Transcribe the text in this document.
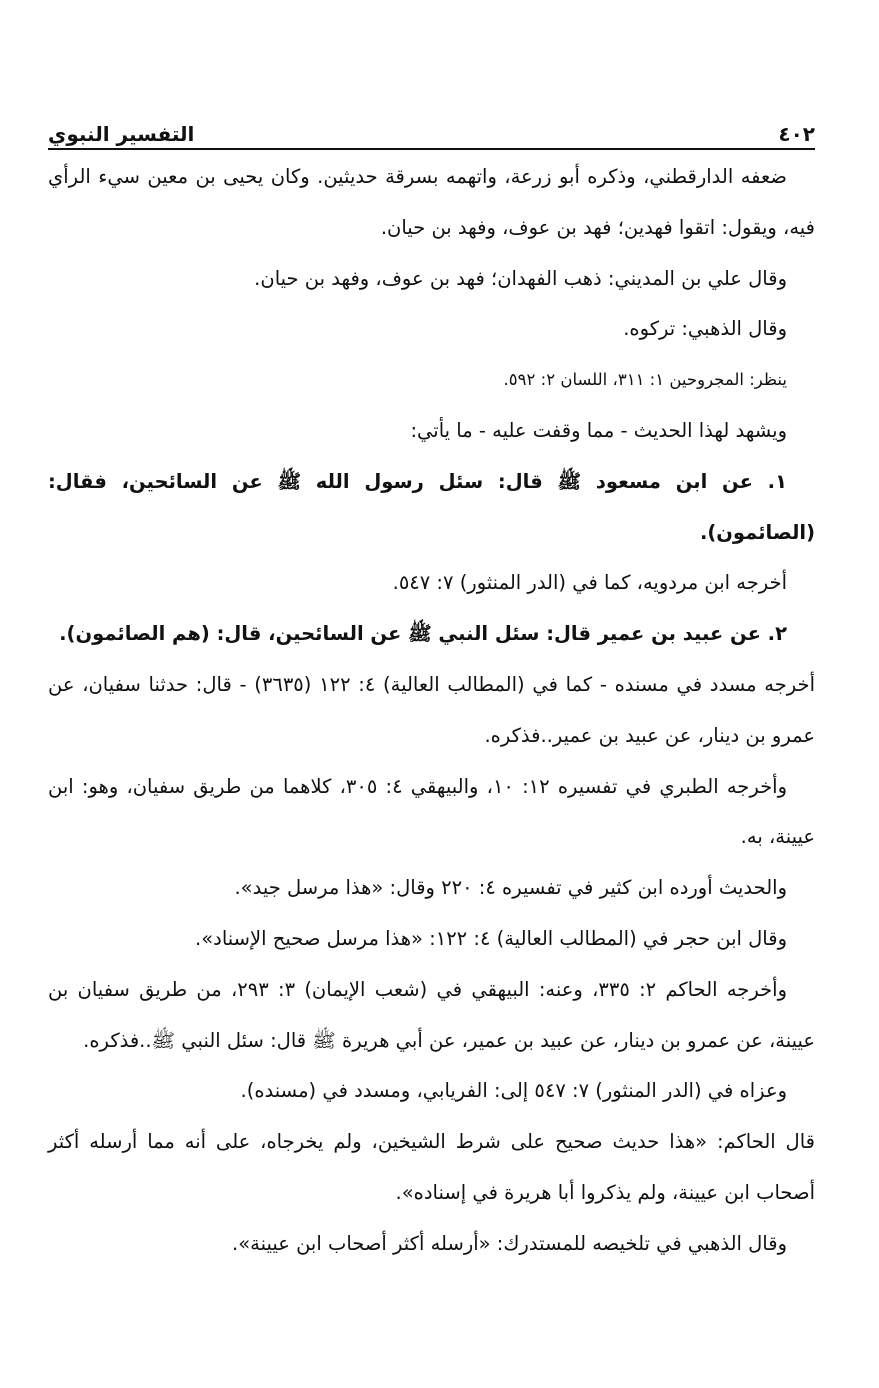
٤٠٢
التفسير النبوي

ضعفه الدارقطني، وذكره أبو زرعة، واتهمه بسرقة حديثين. وكان يحيى بن معين سيء الرأي فيه، ويقول: اتقوا فهدين؛ فهد بن عوف، وفهد بن حيان.

وقال علي بن المديني: ذهب الفهدان؛ فهد بن عوف، وفهد بن حيان.

وقال الذهبي: تركوه.

ينظر: المجروحين ١: ٣١١، اللسان ٢: ٥٩٢.

ويشهد لهذا الحديث - مما وقفت عليه - ما يأتي:

١. عن ابن مسعود ﷺ قال: سئل رسول الله ﷺ عن السائحين، فقال: (الصائمون).

أخرجه ابن مردويه، كما في (الدر المنثور) ٧: ٥٤٧.

٢. عن عبيد بن عمير قال: سئل النبي ﷺ عن السائحين، قال: (هم الصائمون).

أخرجه مسدد في مسنده - كما في (المطالب العالية) ٤: ١٢٢ (٣٦٣٥) - قال: حدثنا سفيان، عن عمرو بن دينار، عن عبيد بن عمير..فذكره.

وأخرجه الطبري في تفسيره ١٢: ١٠، والبيهقي ٤: ٣٠٥، كلاهما من طريق سفيان، وهو: ابن عيينة، به.

والحديث أورده ابن كثير في تفسيره ٤: ٢٢٠ وقال: «هذا مرسل جيد».

وقال ابن حجر في (المطالب العالية) ٤: ١٢٢: «هذا مرسل صحيح الإسناد».

وأخرجه الحاكم ٢: ٣٣٥، وعنه: البيهقي في (شعب الإيمان) ٣: ٢٩٣، من طريق سفيان بن عيينة، عن عمرو بن دينار، عن عبيد بن عمير، عن أبي هريرة ﷺ قال: سئل النبي ﷺ..فذكره.

وعزاه في (الدر المنثور) ٧: ٥٤٧ إلى: الفريابي، ومسدد في (مسنده).

قال الحاكم: «هذا حديث صحيح على شرط الشيخين، ولم يخرجاه، على أنه مما أرسله أكثر أصحاب ابن عيينة، ولم يذكروا أبا هريرة في إسناده».

وقال الذهبي في تلخيصه للمستدرك: «أرسله أكثر أصحاب ابن عيينة».
